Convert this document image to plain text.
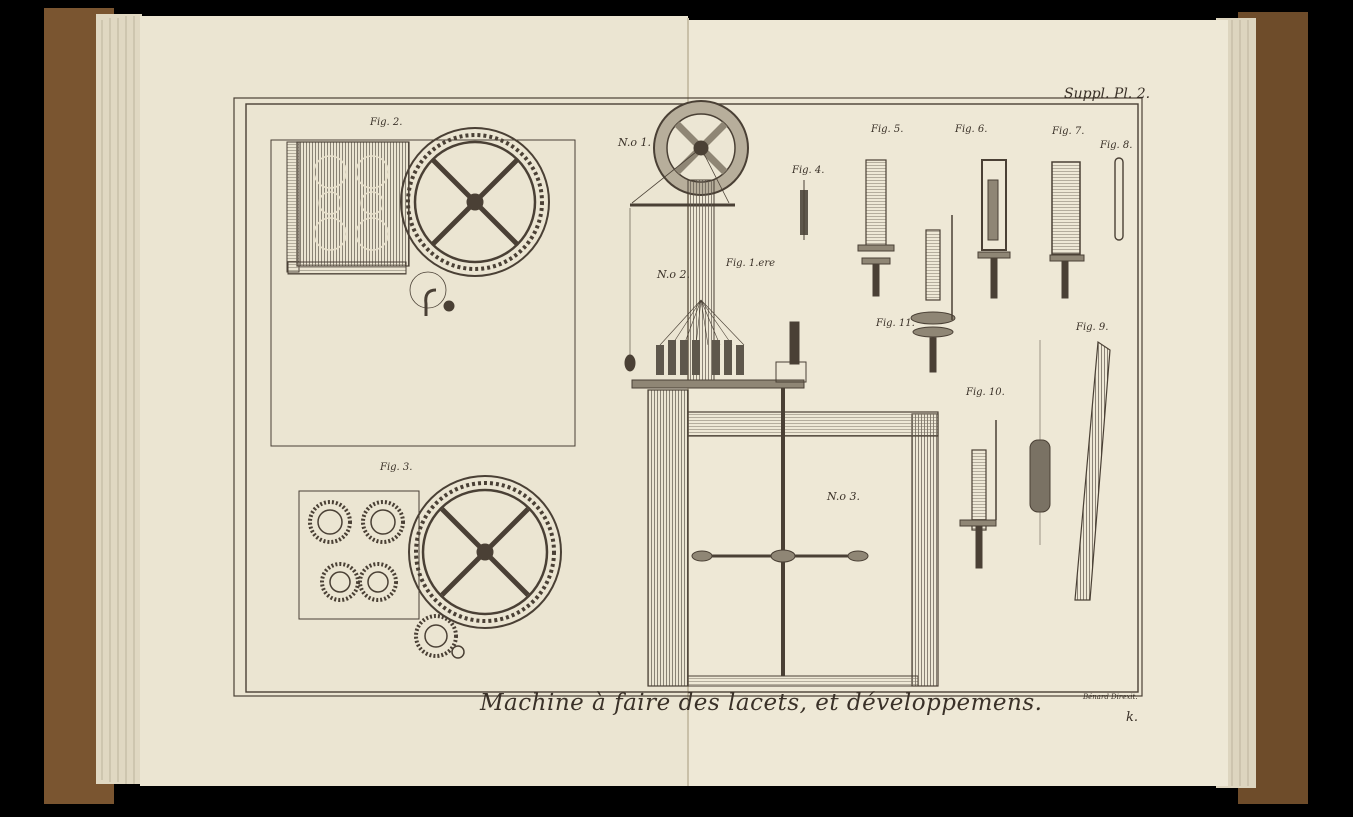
Suppl. Pl. 2.
Machine à faire des lacets, et développemens.	Bénard Direxit.
k.
Fig. 2.
Fig. 3.
Fig. 1.ere
Fig. 4.
Fig. 5.	Fig. 6.	Fig. 7.
Fig. 8.
Fig. 9.
Fig. 10.
Fig. 11.
N.o 1.
N.o 2.
N.o 3.
